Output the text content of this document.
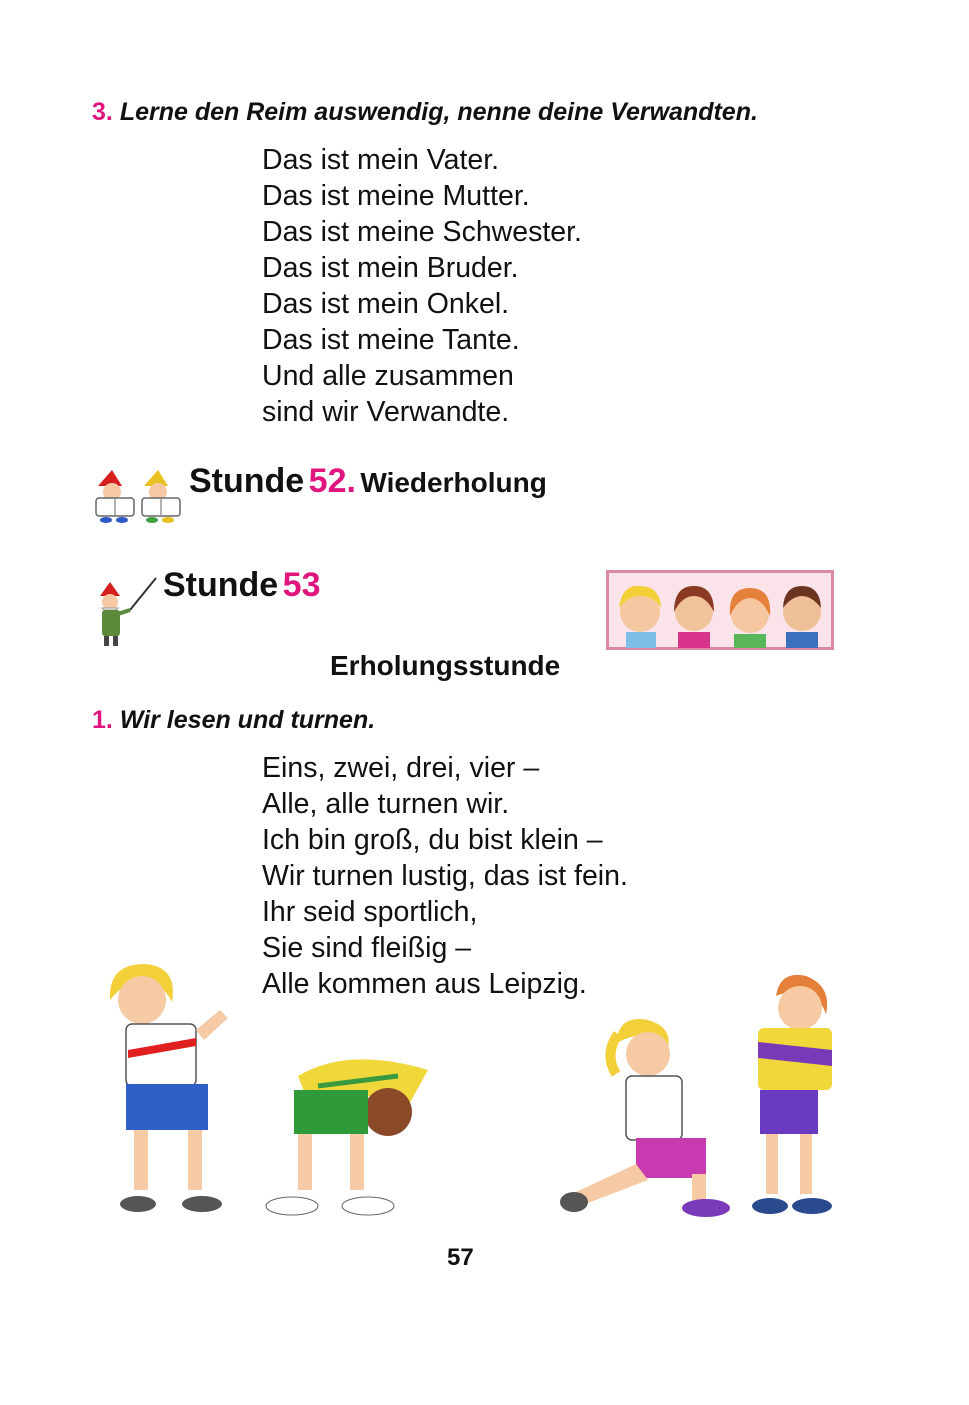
3. Lerne den Reim auswendig, nenne deine Verwandten.
Das ist mein Vater.
Das ist meine Mutter.
Das ist meine Schwester.
Das ist mein Bruder.
Das ist mein Onkel.
Das ist meine Tante.
Und alle zusammen
sind wir Verwandte.
Stunde 52. Wiederholung
Stunde 53
Erholungsstunde
1. Wir lesen und turnen.
Eins, zwei, drei, vier –
Alle, alle turnen wir.
Ich bin groß, du bist klein –
Wir turnen lustig, das ist fein.
Ihr seid sportlich,
Sie sind fleißig –
Alle kommen aus Leipzig.
57
